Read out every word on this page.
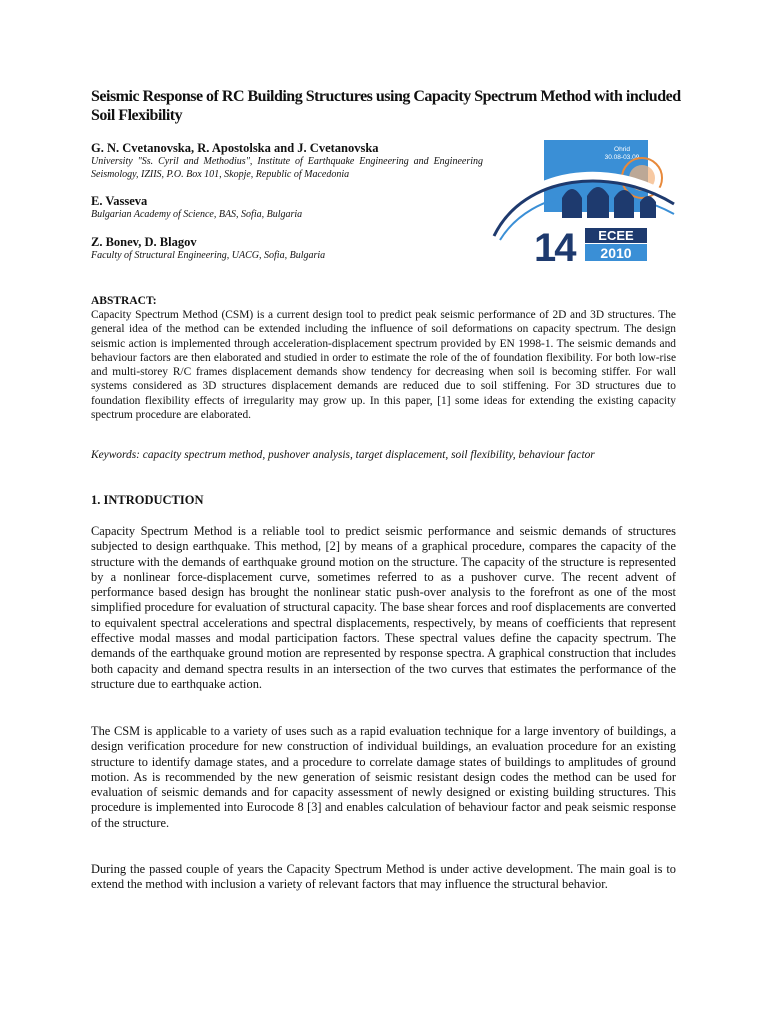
Seismic Response of RC Building Structures using Capacity Spectrum Method with included Soil Flexibility

G. N. Cvetanovska, R. Apostolska and J. Cvetanovska

University "Ss. Cyril and Methodius", Institute of Earthquake Engineering and Engineering Seismology, IZIIS, P.O. Box 101, Skopje, Republic of Macedonia

E. Vasseva

Bulgarian Academy of Science, BAS, Sofia, Bulgaria

Z. Bonev, D. Blagov

Faculty of Structural Engineering, UACG, Sofia, Bulgaria

Ohrid
30.08-03.09
14 ECEE
2010

ABSTRACT:

Capacity Spectrum Method (CSM) is a current design tool to predict peak seismic performance of 2D and 3D structures. The general idea of the method can be extended including the influence of soil deformations on capacity spectrum. The design seismic action is implemented through acceleration-displacement spectrum provided by EN 1998-1. The seismic demands and behaviour factors are then elaborated and studied in order to estimate the role of the of foundation flexibility. For both low-rise and multi-storey R/C frames displacement demands show tendency for decreasing when soil is becoming stiffer. For wall systems considered as 3D structures displacement demands are reduced due to soil stiffening. For 3D structures due to foundation flexibility effects of irregularity may grow up. In this paper, [1] some ideas for extending the existing capacity spectrum procedure are elaborated.

Keywords: capacity spectrum method, pushover analysis, target displacement, soil flexibility, behaviour factor

1. INTRODUCTION

Capacity Spectrum Method is a reliable tool to predict seismic performance and seismic demands of structures subjected to design earthquake. This method, [2] by means of a graphical procedure, compares the capacity of the structure with the demands of earthquake ground motion on the structure. The capacity of the structure is represented by a nonlinear force-displacement curve, sometimes referred to as a pushover curve. The recent advent of performance based design has brought the nonlinear static push-over analysis to the forefront as one of the most simplified procedure for evaluation of structural capacity. The base shear forces and roof displacements are converted to equivalent spectral accelerations and spectral displacements, respectively, by means of coefficients that represent effective modal masses and modal participation factors. These spectral values define the capacity spectrum. The demands of the earthquake ground motion are represented by response spectra. A graphical construction that includes both capacity and demand spectra results in an intersection of the two curves that estimates the performance of the structure due to earthquake action.

The CSM is applicable to a variety of uses such as a rapid evaluation technique for a large inventory of buildings, a design verification procedure for new construction of individual buildings, an evaluation procedure for an existing structure to identify damage states, and a procedure to correlate damage states of buildings to amplitudes of ground motion. As is recommended by the new generation of seismic resistant design codes the method can be used for evaluation of seismic demands and for capacity assessment of newly designed or existing building structures. This procedure is implemented into Eurocode 8 [3] and enables calculation of behaviour factor and peak seismic response of the structure.

During the passed couple of years the Capacity Spectrum Method is under active development. The main goal is to extend the method with inclusion a variety of relevant factors that may influence the structural behavior.
